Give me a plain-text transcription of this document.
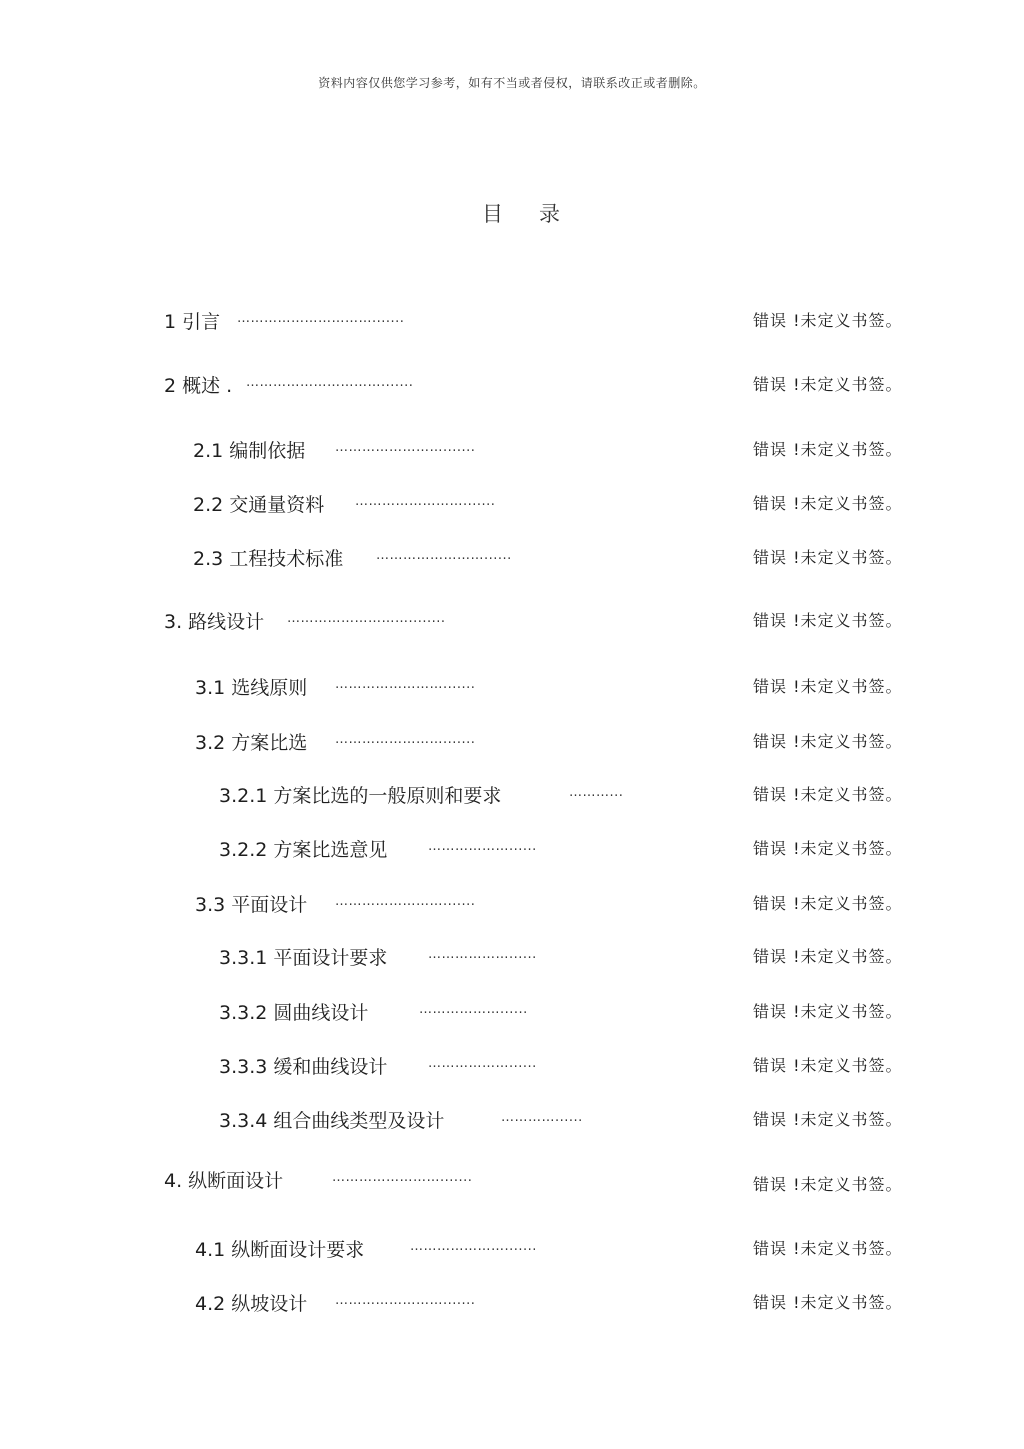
资料内容仅供您学习参考，如有不当或者侵权，请联系改正或者删除。
目 录
1 引言 ………………………….......	错误 !未定义书签。
2 概述 . ………………………….......	错误 !未定义书签。
2.1 编制依据 …………………….......	错误 !未定义书签。
2.2 交通量资料 …………………….......	错误 !未定义书签。
2.3 工程技术标准	……………………......	错误 !未定义书签。
3. 路线设计 ………………………........	错误 !未定义书签。
3.1 选线原则 …………………….......	错误 !未定义书签。
3.2 方案比选 …………………….......	错误 !未定义书签。
3.2.1 方案比选的一般原则和要求	………...	错误 !未定义书签。
3.2.2 方案比选意见	………………......	错误 !未定义书签。
3.3 平面设计 …………………….......	错误 !未定义书签。
3.3.1 平面设计要求	………………......	错误 !未定义书签。
3.3.2 圆曲线设计	………………......	错误 !未定义书签。
3.3.3 缓和曲线设计	………………......	错误 !未定义书签。
3.3.4 组合曲线类型及设计	…………......	错误 !未定义书签。
4. 纵断面设计	…………………….......	错误 !未定义书签。
4.1 纵断面设计要求	………………….......	错误 !未定义书签。
4.2 纵坡设计 …………………….......	错误 !未定义书签。
